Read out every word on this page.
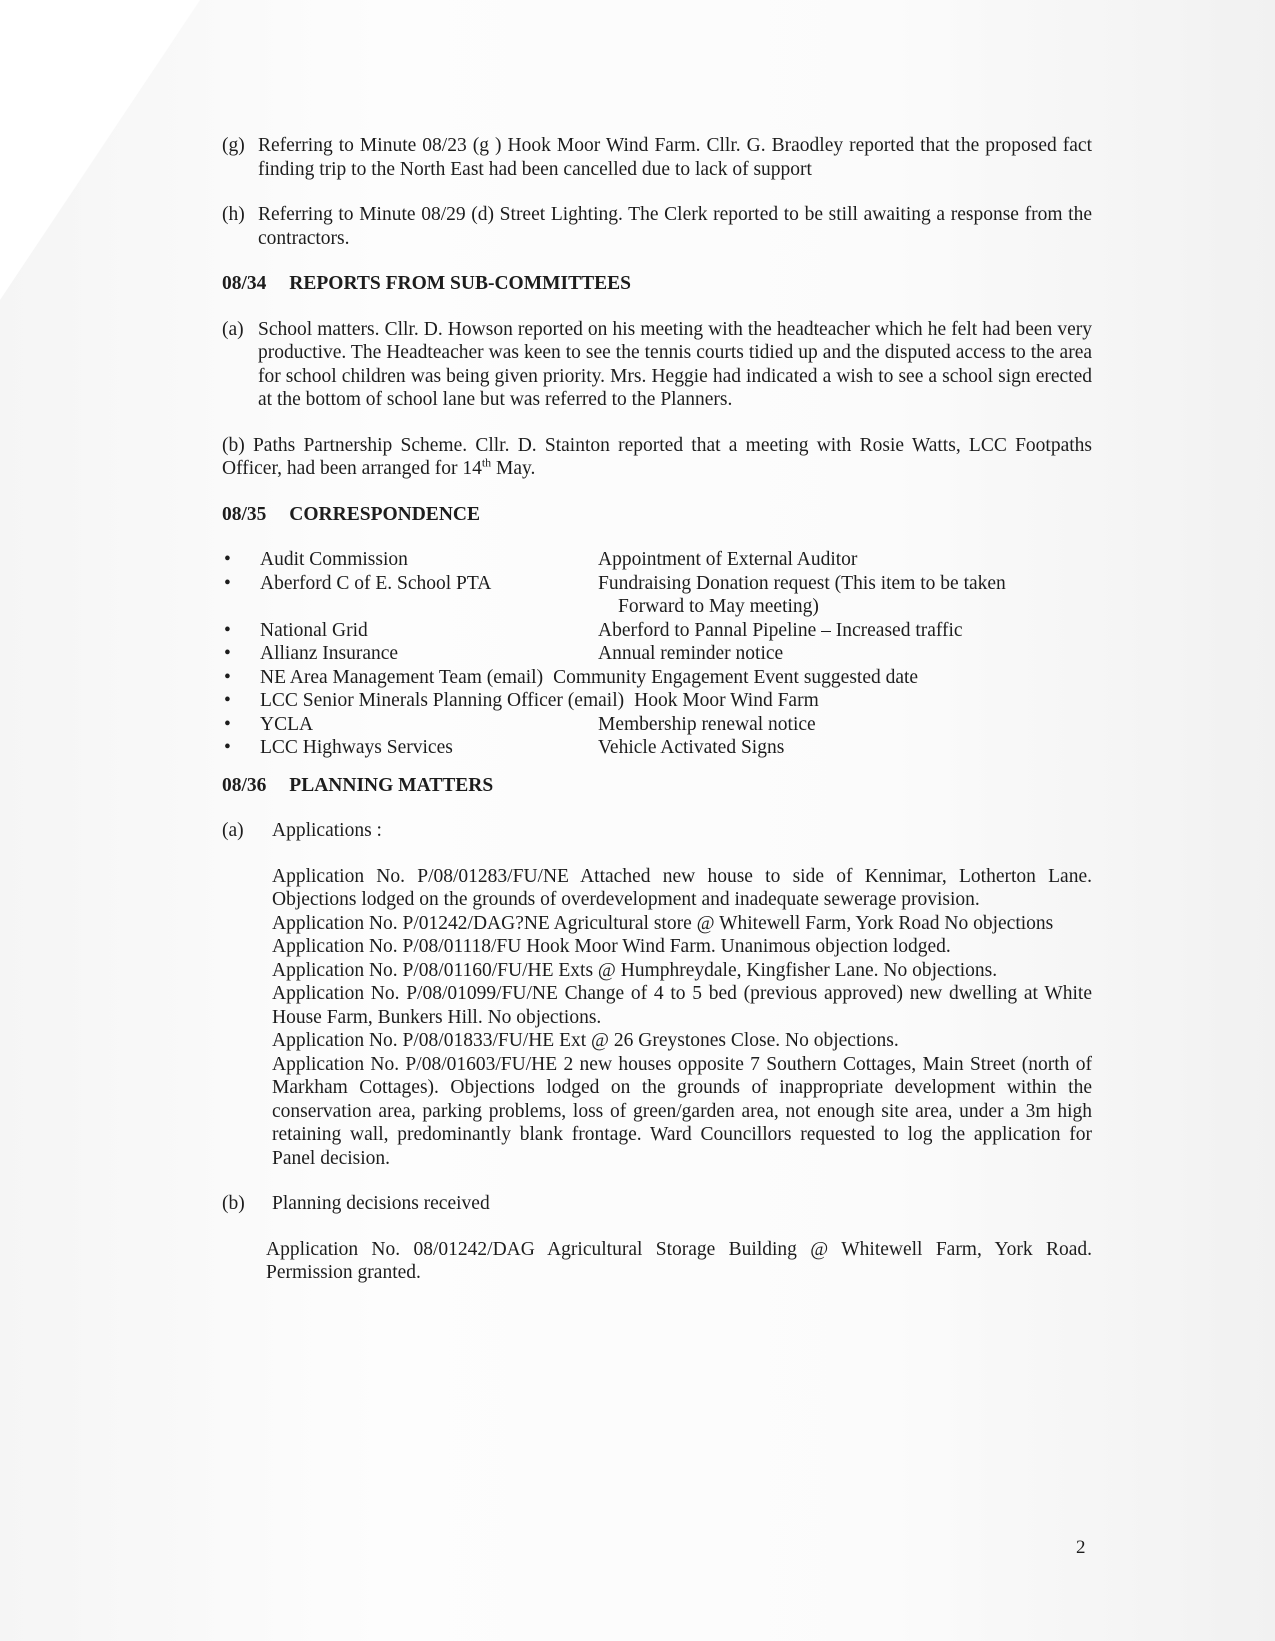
(g) Referring to Minute 08/23 (g ) Hook Moor Wind Farm. Cllr. G. Braodley reported that the proposed fact finding trip to the North East had been cancelled due to lack of support
(h) Referring to Minute 08/29 (d) Street Lighting. The Clerk reported to be still awaiting a response from the contractors.
08/34 REPORTS FROM SUB-COMMITTEES
(a) School matters. Cllr. D. Howson reported on his meeting with the headteacher which he felt had been very productive. The Headteacher was keen to see the tennis courts tidied up and the disputed access to the area for school children was being given priority. Mrs. Heggie had indicated a wish to see a school sign erected at the bottom of school lane but was referred to the Planners.
(b) Paths Partnership Scheme. Cllr. D. Stainton reported that a meeting with Rosie Watts, LCC Footpaths Officer, had been arranged for 14th May.
08/35 CORRESPONDENCE
•	Audit Commission	Appointment of External Auditor
•	Aberford C of E. School PTA	Fundraising Donation request (This item to be taken
Forward to May meeting)
•	National Grid	Aberford to Pannal Pipeline – Increased traffic
•	Allianz Insurance	Annual reminder notice
•	NE Area Management Team (email) Community Engagement Event suggested date
•	LCC Senior Minerals Planning Officer (email) Hook Moor Wind Farm
•	YCLA	Membership renewal notice
•	LCC Highways Services	Vehicle Activated Signs
08/36 PLANNING MATTERS
(a)	Applications :
Application No. P/08/01283/FU/NE Attached new house to side of Kennimar, Lotherton Lane. Objections lodged on the grounds of overdevelopment and inadequate sewerage provision.
Application No. P/01242/DAG?NE Agricultural store @ Whitewell Farm, York Road No objections
Application No. P/08/01118/FU Hook Moor Wind Farm. Unanimous objection lodged.
Application No. P/08/01160/FU/HE Exts @ Humphreydale, Kingfisher Lane. No objections.
Application No. P/08/01099/FU/NE Change of 4 to 5 bed (previous approved) new dwelling at White House Farm, Bunkers Hill. No objections.
Application No. P/08/01833/FU/HE Ext @ 26 Greystones Close. No objections.
Application No. P/08/01603/FU/HE 2 new houses opposite 7 Southern Cottages, Main Street (north of Markham Cottages). Objections lodged on the grounds of inappropriate development within the conservation area, parking problems, loss of green/garden area, not enough site area, under a 3m high retaining wall, predominantly blank frontage. Ward Councillors requested to log the application for Panel decision.
(b)	Planning decisions received
Application No. 08/01242/DAG Agricultural Storage Building @ Whitewell Farm, York Road. Permission granted.
2
